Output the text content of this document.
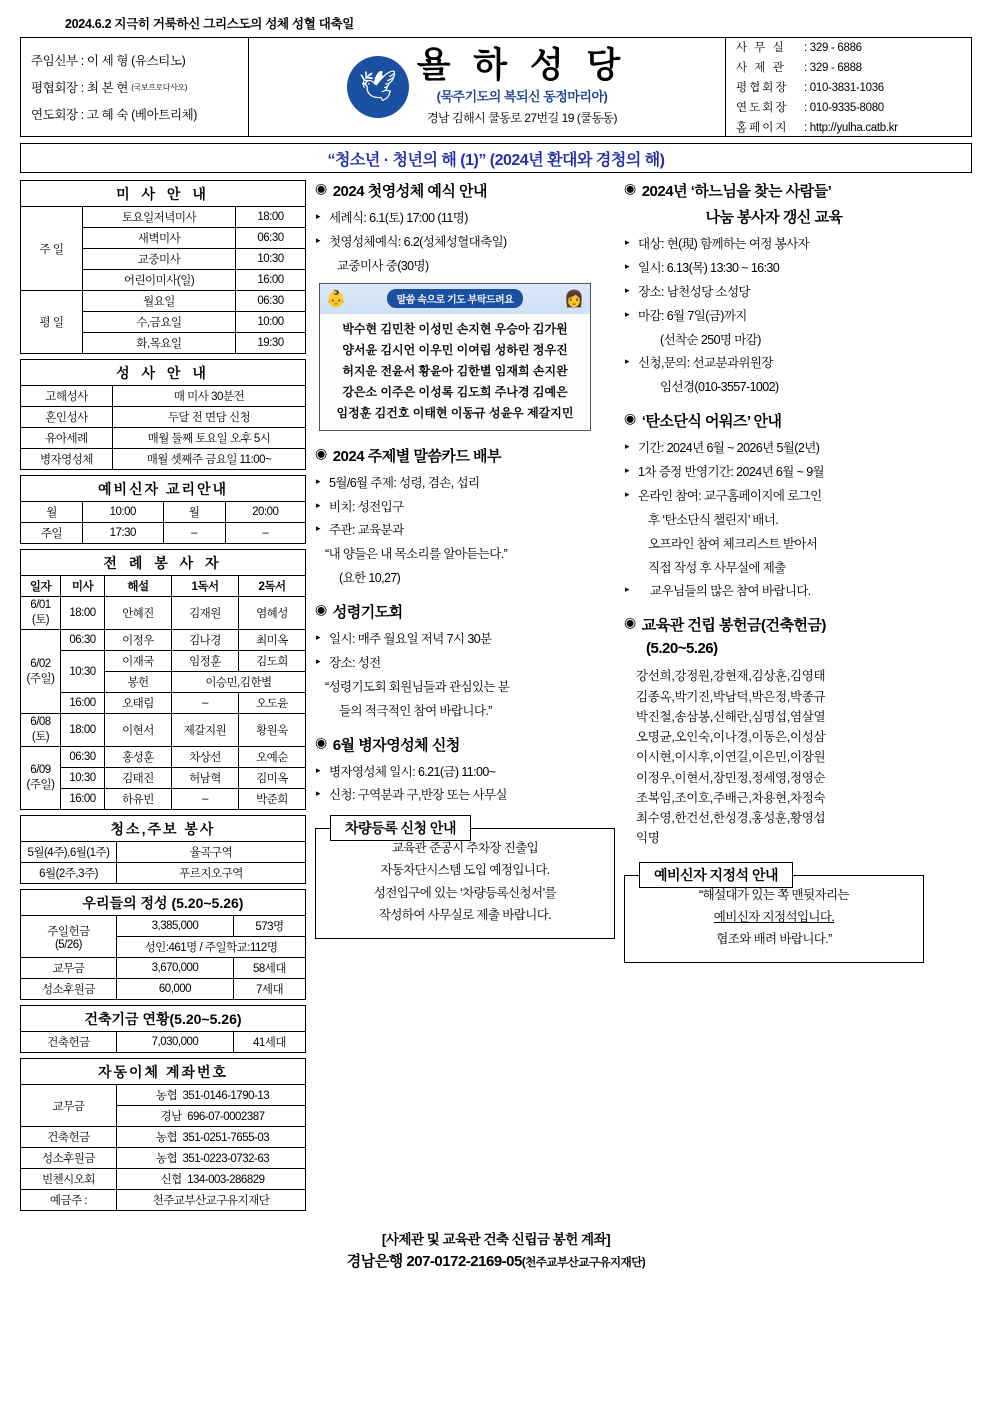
2024.6.2 지극히 거룩하신 그리스도의 성체 성혈 대축일
주임신부 : 이 세 형 (유스티노)
평협회장 : 최 본 현 $^{(국보프로다사오)}$
연도회장 : 고 혜 숙 (베아트리체)
🕊
욜 하 성 당
(묵주기도의 복되신 동정마리아)
경남 김해시 쿨동로 27번길 19 (쿨동동)
사 무 실 : 329 - 6886
사 제 관 : 329 - 6888
평협회장 : 010-3831-1036
연도회장 : 010-9335-8080
홈페이지 : http://yulha.catb.kr
“청소년 · 청년의 해 (1)” (2024년 환대와 경청의 해)
미 사 안 내
주 일	토요일저녁미사	18:00
	새벽미사	06:30
	교중미사	10:30
	어린이미사(일)	16:00
평 일	월요일	06:30
	수,금요일	10:00
	화,목요일	19:30
성 사 안 내
고해성사	매 미사 30분전
혼인성사	두달 전 면담 신청
유아세례	매월 둘째 토요일 오후 5시
병자영성체	매월 셋째주 금요일 11:00~
예비신자 교리안내
월	10:00	월	20:00
주일	17:30	–	–
전 례 봉 사 자
일자	미사	해설	1독서	2독서

6/01
(토)	18:00	안혜진	김재원	염혜성

6/02
(주일)	06:30	이정우	김나경	최미옥
	10:30	이재국	임정훈	김도희
		봉헌	이승민,김한별	
	16:00	오태림	–	오도윤

6/08
(토)	18:00	이현서	제갈지원	황원욱

6/09
(주일)	06:30	홍성훈	차상선	오예순
	10:30	김태진	허남혁	김미옥
	16:00	하유빈	–	박준희
청소,주보 봉사
5월(4주),6월(1주)	율곡구역
6월(2주,3주)	푸르지오구역
우리들의 정성 (5.20~5.26)
주일헌금
(5/26)	3,385,000	573명
	성인:461명 / 주일학교:112명	
교무금	3,670,000	58세대
성소후원금	60,000	7세대
건축기금 연황(5.20~5.26)
건축헌금	7,030,000	41세대
자동이체 계좌번호
교무금	농협 351-0146-1790-13
	경남 696-07-0002387
건축헌금	농협 351-0251-7655-03
성소후원금	농협 351-0223-0732-63
빈첸시오회	신협 134-003-286829
예금주 :	천주교부산교구유지재단
◉ 2024 첫영성체 예식 안내
▸ 세례식: 6.1(토) 17:00 (11명)
▸ 첫영성체예식: 6.2(성체성혈대축일)
교중미사 중(30명)
👶	말씀 속으로 기도 부탁드려요	👩
박수현 김민찬 이성민 손지현 우승아 김가원
양서윤 김시언 이우민 이여림 성하린 정우진
허지운 전윤서 황윤아 김한별 임재희 손지완
강은소 이주은 이성록 김도희 주나경 김예은
임정훈 김건호 이태현 이동규 성윤우 제갈지민
◉ 2024 주제별 말씀카드 배부
▸ 5월/6월 주제: 성령, 겸손, 섭리
▸ 비치: 성전입구
▸ 주관: 교육분과
“내 양들은 내 목소리를 알아듣는다.”
(요한 10,27)
◉ 성령기도회
▸ 일시: 매주 월요일 저녁 7시 30분
▸ 장소: 성전
“성령기도회 회원님들과 관심있는 분
들의 적극적인 참여 바랍니다.”
◉ 6월 병자영성체 신청
▸ 병자영성체 일시: 6.21(금) 11:00~
▸ 신청: 구역분과 구,반장 또는 사무실
차량등록 신청 안내

교육관 준공시 주차장 진출입

자동차단시스템 도입 예정입니다.

성전입구에 있는 ‘차량등록신청서’를

작성하여 사무실로 제출 바랍니다.

◉ 2024년 ‘하느님을 찾는 사람들’
나눔 봉사자 갱신 교육
▸ 대상: 현(現) 함께하는 여정 봉사자
▸ 일시: 6.13(목) 13:30 ~ 16:30
▸ 장소: 남천성당 소성당
▸ 마감: 6월 7일(금)까지
(선착순 250명 마감)
▸ 신청,문의: 선교분과위원장
임선경(010-3557-1002)
◉ ‘탄소단식 어워즈’ 안내
▸ 기간: 2024년 6월 ~ 2026년 5월(2년)
▸ 1차 증정 반영기간: 2024년 6월 ~ 9월
▸ 온라인 참여: 교구홈페이지에 로그인
후 ‘탄소단식 챌린지’ 배너.
오프라인 참여 체크리스트 받아서
직접 작성 후 사무실에 제출
▸ 교우님들의 많은 참여 바랍니다.
◉ 교육관 건립 봉헌금(건축헌금)
(5.20~5.26)
강선희,강정원,강현재,김상훈,김영태
김종옥,박기진,박남덕,박은정,박종규
박진철,송삼봉,신해란,심명섭,염살열
오명균,오인숙,이나경,이동은,이성삼
이시현,이시후,이연길,이은민,이장원
이정우,이현서,장민정,정세영,정영순
조복임,조이호,주배근,차용현,차정숙
최수영,한건선,한성경,홍성훈,황영섭
익명
예비신자 지정석 안내

“해설대가 있는 쪽 맨뒷자리는

예비신자 지정석입니다.

협조와 배려 바랍니다.”

[사제관 및 교육관 건축 신립금 봉헌 계좌]
경남은행 207-0172-2169-05(천주교부산교구유지재단)
